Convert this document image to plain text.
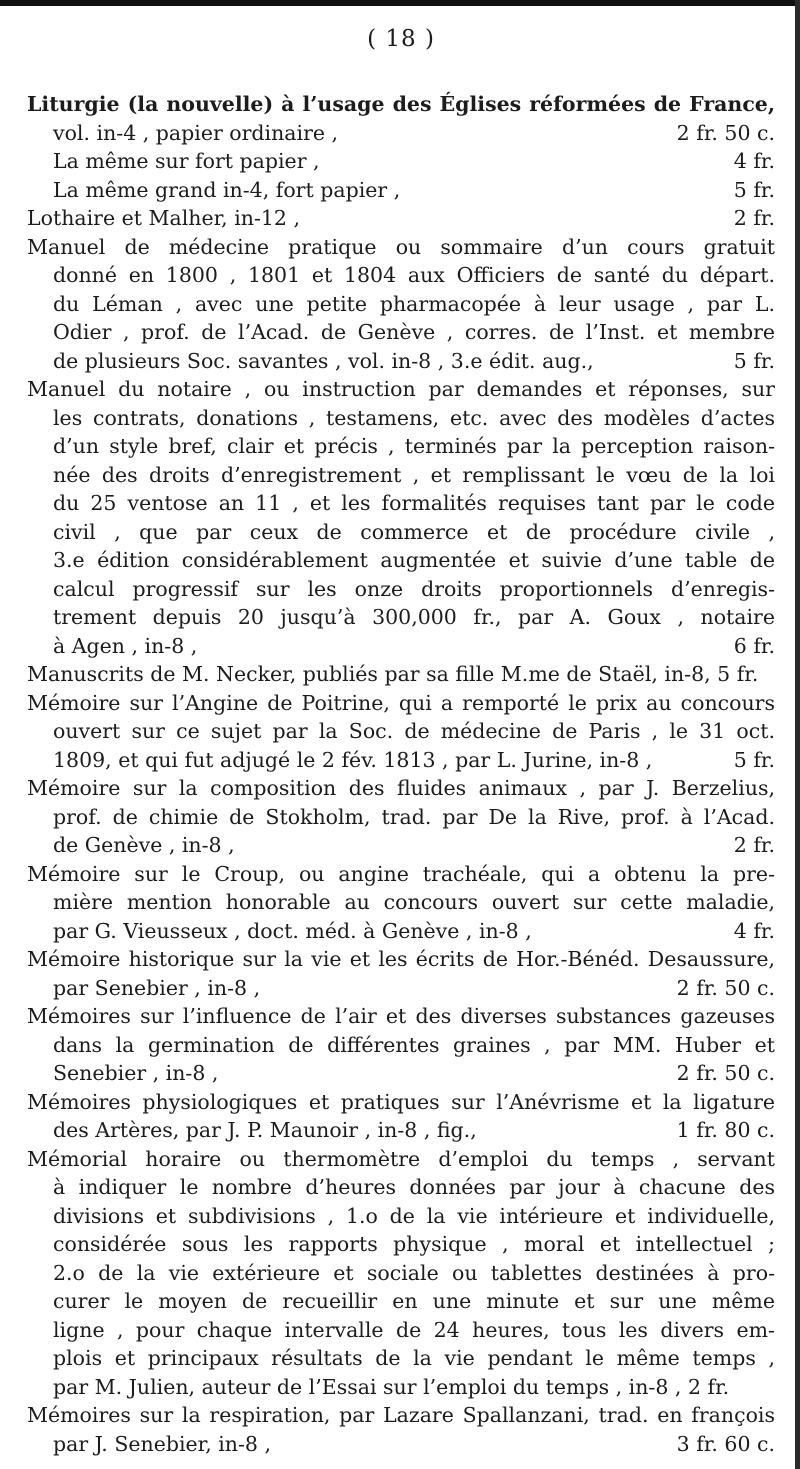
( 18 )
Liturgie (la nouvelle) à l’usage des Églises réformées de France,
vol. in-4 , papier ordinaire ,	2 fr. 50 c.
La même sur fort papier ,	4 fr.
La même grand in-4, fort papier ,	5 fr.
Lothaire et Malher, in-12 ,	2 fr.
Manuel de médecine pratique ou sommaire d’un cours gratuit
donné en 1800 , 1801 et 1804 aux Officiers de santé du départ.
du Léman , avec une petite pharmacopée à leur usage , par L.
Odier , prof. de l’Acad. de Genève , corres. de l’Inst. et membre
de plusieurs Soc. savantes , vol. in-8 , 3.e édit. aug.,	5 fr.
Manuel du notaire , ou instruction par demandes et réponses, sur
les contrats, donations , testamens, etc. avec des modèles d’actes
d’un style bref, clair et précis , terminés par la perception raison-
née des droits d’enregistrement , et remplissant le vœu de la loi
du 25 ventose an 11 , et les formalités requises tant par le code
civil , que par ceux de commerce et de procédure civile ,
3.e édition considérablement augmentée et suivie d’une table de
calcul progressif sur les onze droits proportionnels d’enregis-
trement depuis 20 jusqu’à 300,000 fr., par A. Goux , notaire
à Agen , in-8 ,	6 fr.
Manuscrits de M. Necker, publiés par sa fille M.me de Staël, in-8, 5 fr.
Mémoire sur l’Angine de Poitrine, qui a remporté le prix au concours
ouvert sur ce sujet par la Soc. de médecine de Paris , le 31 oct.
1809, et qui fut adjugé le 2 fév. 1813 , par L. Jurine, in-8 ,	5 fr.
Mémoire sur la composition des fluides animaux , par J. Berzelius,
prof. de chimie de Stokholm, trad. par De la Rive, prof. à l’Acad.
de Genève , in-8 ,	2 fr.
Mémoire sur le Croup, ou angine trachéale, qui a obtenu la pre-
mière mention honorable au concours ouvert sur cette maladie,
par G. Vieusseux , doct. méd. à Genève , in-8 ,	4 fr.
Mémoire historique sur la vie et les écrits de Hor.-Bénéd. Desaussure,
par Senebier , in-8 ,	2 fr. 50 c.
Mémoires sur l’influence de l’air et des diverses substances gazeuses
dans la germination de différentes graines , par MM. Huber et
Senebier , in-8 ,	2 fr. 50 c.
Mémoires physiologiques et pratiques sur l’Anévrisme et la ligature
des Artères, par J. P. Maunoir , in-8 , fig.,	1 fr. 80 c.
Mémorial horaire ou thermomètre d’emploi du temps , servant
à indiquer le nombre d’heures données par jour à chacune des
divisions et subdivisions , 1.o de la vie intérieure et individuelle,
considérée sous les rapports physique , moral et intellectuel ;
2.o de la vie extérieure et sociale ou tablettes destinées à pro-
curer le moyen de recueillir en une minute et sur une même
ligne , pour chaque intervalle de 24 heures, tous les divers em-
plois et principaux résultats de la vie pendant le même temps ,
par M. Julien, auteur de l’Essai sur l’emploi du temps , in-8 , 2 fr.
Mémoires sur la respiration, par Lazare Spallanzani, trad. en françois
par J. Senebier, in-8 ,	3 fr. 60 c.
